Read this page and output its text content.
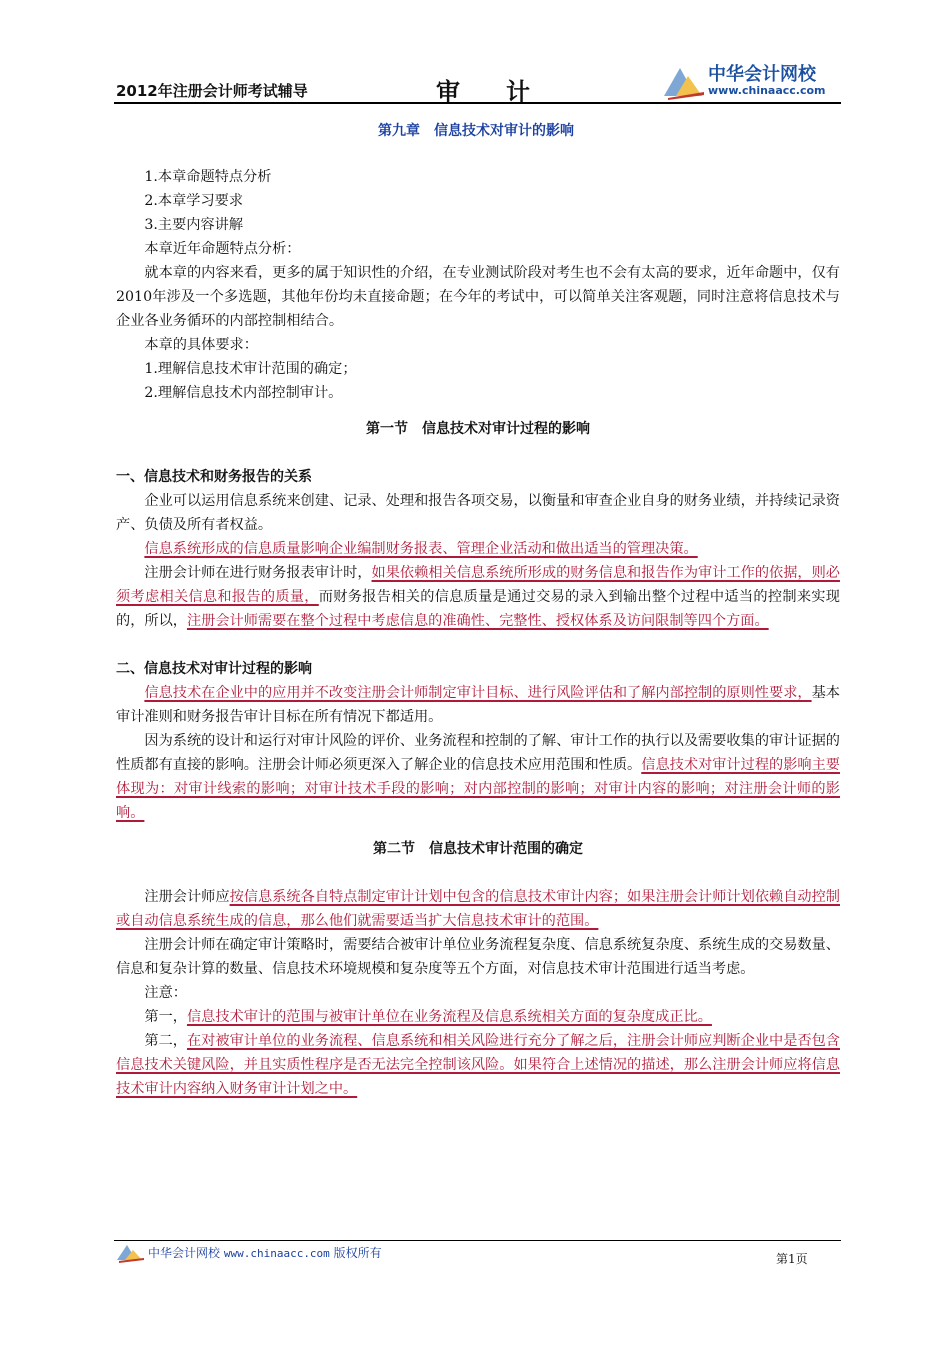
2012年注册会计师考试辅导	审计
中华会计网校
www.chinaacc.com
第九章　信息技术对审计的影响

1.本章命题特点分析

2.本章学习要求

3.主要内容讲解

本章近年命题特点分析：

就本章的内容来看，更多的属于知识性的介绍，在专业测试阶段对考生也不会有太高的要求，近年命题中，仅有2010年涉及一个多选题，其他年份均未直接命题；在今年的考试中，可以简单关注客观题，同时注意将信息技术与企业各业务循环的内部控制相结合。

本章的具体要求：

1.理解信息技术审计范围的确定；

2.理解信息技术内部控制审计。

第一节　信息技术对审计过程的影响

一、信息技术和财务报告的关系

企业可以运用信息系统来创建、记录、处理和报告各项交易，以衡量和审查企业自身的财务业绩，并持续记录资产、负债及所有者权益。

信息系统形成的信息质量影响企业编制财务报表、管理企业活动和做出适当的管理决策。

注册会计师在进行财务报表审计时，如果依赖相关信息系统所形成的财务信息和报告作为审计工作的依据，则必须考虑相关信息和报告的质量，而财务报告相关的信息质量是通过交易的录入到输出整个过程中适当的控制来实现的，所以，注册会计师需要在整个过程中考虑信息的准确性、完整性、授权体系及访问限制等四个方面。

二、信息技术对审计过程的影响

信息技术在企业中的应用并不改变注册会计师制定审计目标、进行风险评估和了解内部控制的原则性要求，基本审计准则和财务报告审计目标在所有情况下都适用。

因为系统的设计和运行对审计风险的评价、业务流程和控制的了解、审计工作的执行以及需要收集的审计证据的性质都有直接的影响。注册会计师必须更深入了解企业的信息技术应用范围和性质。信息技术对审计过程的影响主要体现为：对审计线索的影响；对审计技术手段的影响；对内部控制的影响；对审计内容的影响；对注册会计师的影响。

第二节　信息技术审计范围的确定

注册会计师应按信息系统各自特点制定审计计划中包含的信息技术审计内容；如果注册会计师计划依赖自动控制或自动信息系统生成的信息，那么他们就需要适当扩大信息技术审计的范围。

注册会计师在确定审计策略时，需要结合被审计单位业务流程复杂度、信息系统复杂度、系统生成的交易数量、信息和复杂计算的数量、信息技术环境规模和复杂度等五个方面，对信息技术审计范围进行适当考虑。

注意：

第一，信息技术审计的范围与被审计单位在业务流程及信息系统相关方面的复杂度成正比。

第二，在对被审计单位的业务流程、信息系统和相关风险进行充分了解之后，注册会计师应判断企业中是否包含信息技术关键风险，并且实质性程序是否无法完全控制该风险。如果符合上述情况的描述，那么注册会计师应将信息技术审计内容纳入财务审计计划之中。

中华会计网校 www.chinaacc.com 版权所有	第1页
